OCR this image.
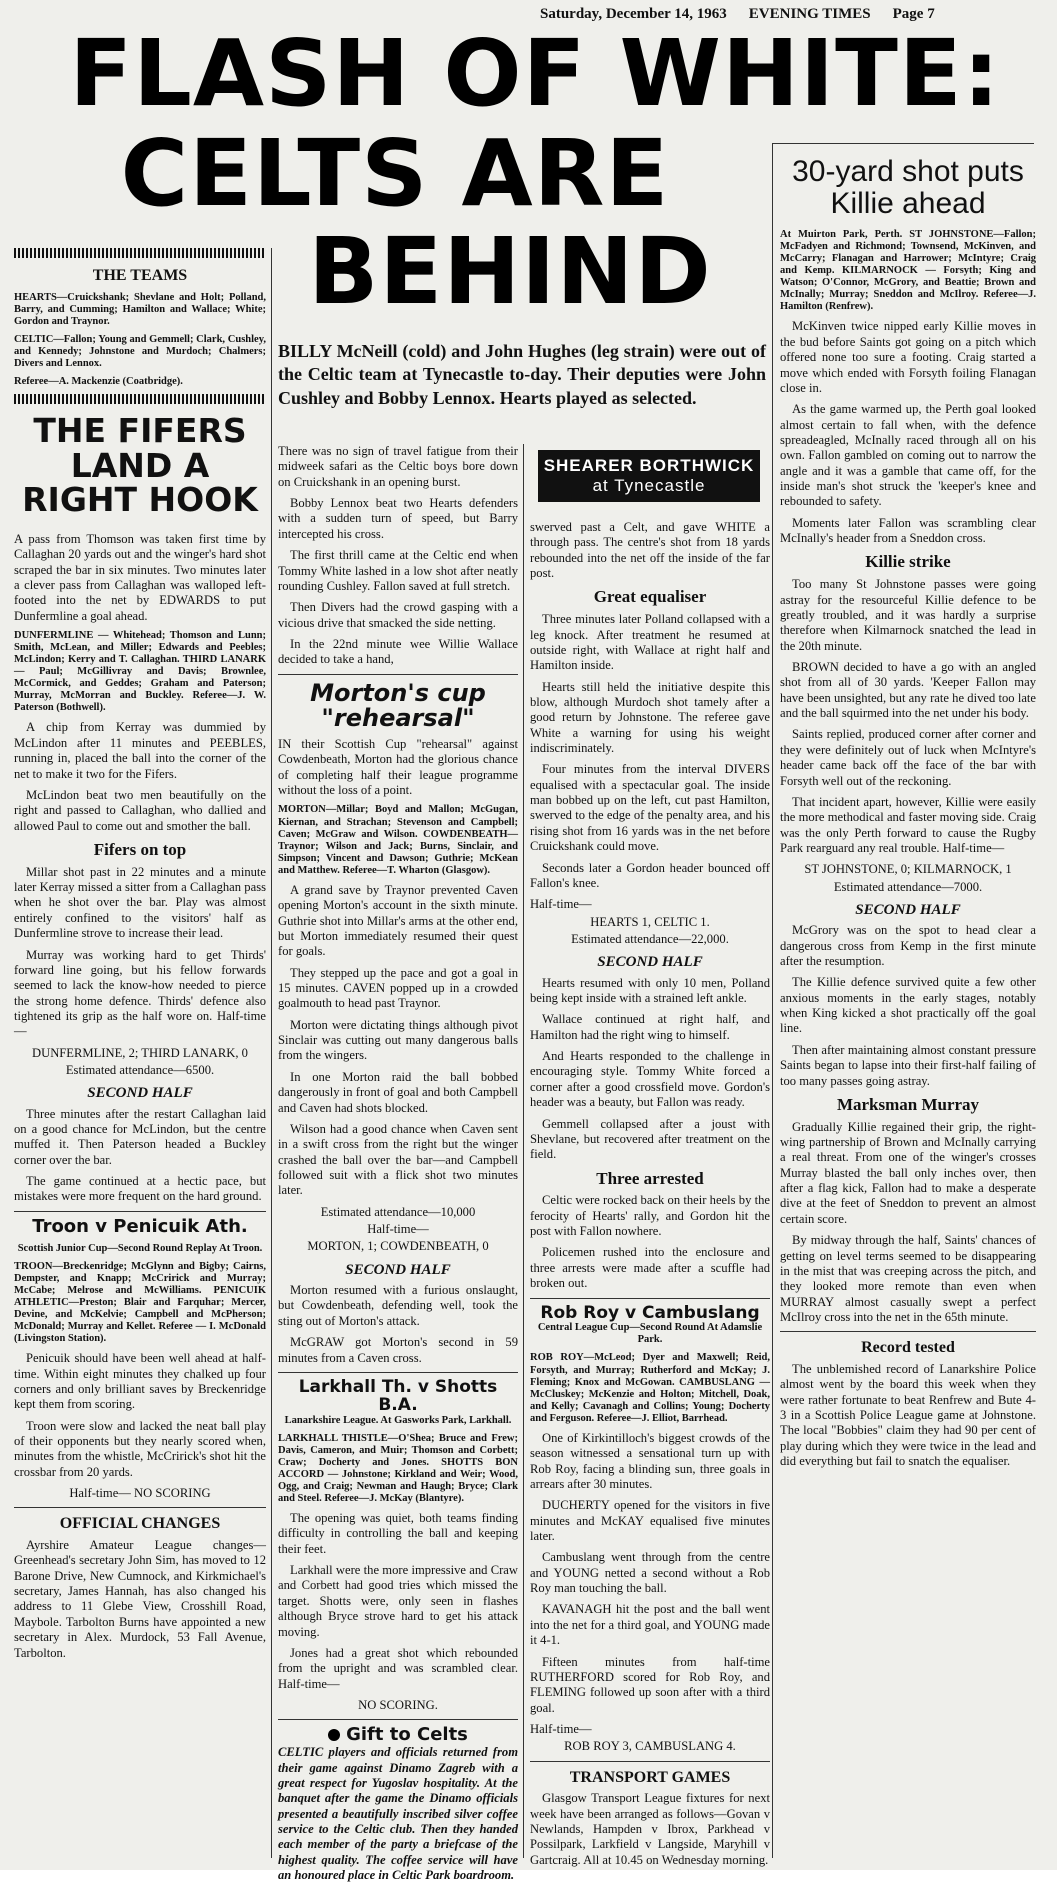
Saturday, December 14, 1963 EVENING TIMES Page 7
FLASH OF WHITE:
CELTS ARE
BEHIND
THE TEAMS
HEARTS—Cruickshank; Shevlane and Holt; Polland, Barry, and Cumming; Hamilton and Wallace; White; Gordon and Traynor.
CELTIC—Fallon; Young and Gemmell; Clark, Cushley, and Kennedy; Johnstone and Murdoch; Chalmers; Divers and Lennox.
Referee—A. Mackenzie (Coatbridge).
THE FIFERS LAND A RIGHT HOOK

A pass from Thomson was taken first time by Callaghan 20 yards out and the winger's hard shot scraped the bar in six minutes. Two minutes later a clever pass from Callaghan was walloped left-footed into the net by EDWARDS to put Dunfermline a goal ahead.

DUNFERMLINE — Whitehead; Thomson and Lunn; Smith, McLean, and Miller; Edwards and Peebles; McLindon; Kerry and T. Callaghan. THIRD LANARK — Paul; McGillivray and Davis; Brownlee, McCormick, and Geddes; Graham and Paterson; Murray, McMorran and Buckley. Referee—J. W. Paterson (Bothwell).

A chip from Kerray was dummied by McLindon after 11 minutes and PEEBLES, running in, placed the ball into the corner of the net to make it two for the Fifers.

McLindon beat two men beautifully on the right and passed to Callaghan, who dallied and allowed Paul to come out and smother the ball.

Fifers on top

Millar shot past in 22 minutes and a minute later Kerray missed a sitter from a Callaghan pass when he shot over the bar. Play was almost entirely confined to the visitors' half as Dunfermline strove to increase their lead.

Murray was working hard to get Thirds' forward line going, but his fellow forwards seemed to lack the know-how needed to pierce the strong home defence. Thirds' defence also tightened its grip as the half wore on. Half-time—

DUNFERMLINE, 2; THIRD LANARK, 0
Estimated attendance—6500.
SECOND HALF

Three minutes after the restart Callaghan laid on a good chance for McLindon, but the centre muffed it. Then Paterson headed a Buckley corner over the bar.

The game continued at a hectic pace, but mistakes were more frequent on the hard ground.

Troon v Penicuik Ath.
Scottish Junior Cup—Second Round Replay At Troon.
TROON—Breckenridge; McGlynn and Bigby; Cairns, Dempster, and Knapp; McCririck and Murray; McCabe; Melrose and McWilliams. PENICUIK ATHLETIC—Preston; Blair and Farquhar; Mercer, Devine, and McKelvie; Campbell and McPherson; McDonald; Murray and Kellet. Referee — I. McDonald (Livingston Station).

Penicuik should have been well ahead at half-time. Within eight minutes they chalked up four corners and only brilliant saves by Breckenridge kept them from scoring.

Troon were slow and lacked the neat ball play of their opponents but they nearly scored when, minutes from the whistle, McCririck's shot hit the crossbar from 20 yards.

Half-time— NO SCORING
OFFICIAL CHANGES

Ayrshire Amateur League changes—Greenhead's secretary John Sim, has moved to 12 Barone Drive, New Cumnock, and Kirkmichael's secretary, James Hannah, has also changed his address to 11 Glebe View, Crosshill Road, Maybole. Tarbolton Burns have appointed a new secretary in Alex. Murdock, 53 Fall Avenue, Tarbolton.

BILLY McNeill (cold) and John Hughes (leg strain) were out of the Celtic team at Tynecastle to-day. Their deputies were John Cushley and Bobby Lennox. Hearts played as selected.

There was no sign of travel fatigue from their midweek safari as the Celtic boys bore down on Cruickshank in an opening burst.

Bobby Lennox beat two Hearts defenders with a sudden turn of speed, but Barry intercepted his cross.

The first thrill came at the Celtic end when Tommy White lashed in a low shot after neatly rounding Cushley. Fallon saved at full stretch.

Then Divers had the crowd gasping with a vicious drive that smacked the side netting.

In the 22nd minute wee Willie Wallace decided to take a hand,

Morton's cup
"rehearsal"

IN their Scottish Cup "rehearsal" against Cowdenbeath, Morton had the glorious chance of completing half their league programme without the loss of a point.

MORTON—Millar; Boyd and Mallon; McGugan, Kiernan, and Strachan; Stevenson and Campbell; Caven; McGraw and Wilson. COWDENBEATH—Traynor; Wilson and Jack; Burns, Sinclair, and Simpson; Vincent and Dawson; Guthrie; McKean and Matthew. Referee—T. Wharton (Glasgow).

A grand save by Traynor prevented Caven opening Morton's account in the sixth minute. Guthrie shot into Millar's arms at the other end, but Morton immediately resumed their quest for goals.

They stepped up the pace and got a goal in 15 minutes. CAVEN popped up in a crowded goalmouth to head past Traynor.

Morton were dictating things although pivot Sinclair was cutting out many dangerous balls from the wingers.

In one Morton raid the ball bobbed dangerously in front of goal and both Campbell and Caven had shots blocked.

Wilson had a good chance when Caven sent in a swift cross from the right but the winger crashed the ball over the bar—and Campbell followed suit with a flick shot two minutes later.

Estimated attendance—10,000
Half-time—
MORTON, 1; COWDENBEATH, 0
SECOND HALF

Morton resumed with a furious onslaught, but Cowdenbeath, defending well, took the sting out of Morton's attack.

McGRAW got Morton's second in 59 minutes from a Caven cross.

Larkhall Th. v Shotts B.A.
Lanarkshire League. At Gasworks Park, Larkhall.
LARKHALL THISTLE—O'Shea; Bruce and Frew; Davis, Cameron, and Muir; Thomson and Corbett; Craw; Docherty and Jones. SHOTTS BON ACCORD — Johnstone; Kirkland and Weir; Wood, Ogg, and Craig; Newman and Haugh; Bryce; Clark and Steel. Referee—J. McKay (Blantyre).

The opening was quiet, both teams finding difficulty in controlling the ball and keeping their feet.

Larkhall were the more impressive and Craw and Corbett had good tries which missed the target. Shotts were, only seen in flashes although Bryce strove hard to get his attack moving.

Jones had a great shot which rebounded from the upright and was scrambled clear. Half-time—

NO SCORING.
Gift to Celts

CELTIC players and officials returned from their game against Dinamo Zagreb with a great respect for Yugoslav hospitality. At the banquet after the game the Dinamo officials presented a beautifully inscribed silver coffee service to the Celtic club. Then they handed each member of the party a briefcase of the highest quality. The coffee service will have an honoured place in Celtic Park boardroom.

SHEARER BORTHWICK
at Tynecastle

swerved past a Celt, and gave WHITE a through pass. The centre's shot from 18 yards rebounded into the net off the inside of the far post.

Great equaliser

Three minutes later Polland collapsed with a leg knock. After treatment he resumed at outside right, with Wallace at right half and Hamilton inside.

Hearts still held the initiative despite this blow, although Murdoch shot tamely after a good return by Johnstone. The referee gave White a warning for using his weight indiscriminately.

Four minutes from the interval DIVERS equalised with a spectacular goal. The inside man bobbed up on the left, cut past Hamilton, swerved to the edge of the penalty area, and his rising shot from 16 yards was in the net before Cruickshank could move.

Seconds later a Gordon header bounced off Fallon's knee.

Half-time—
HEARTS 1, CELTIC 1.
Estimated attendance—22,000.
SECOND HALF

Hearts resumed with only 10 men, Polland being kept inside with a strained left ankle.

Wallace continued at right half, and Hamilton had the right wing to himself.

And Hearts responded to the challenge in encouraging style. Tommy White forced a corner after a good crossfield move. Gordon's header was a beauty, but Fallon was ready.

Gemmell collapsed after a joust with Shevlane, but recovered after treatment on the field.

Three arrested

Celtic were rocked back on their heels by the ferocity of Hearts' rally, and Gordon hit the post with Fallon nowhere.

Policemen rushed into the enclosure and three arrests were made after a scuffle had broken out.

Rob Roy v Cambuslang
Central League Cup—Second Round At Adamslie Park.
ROB ROY—McLeod; Dyer and Maxwell; Reid, Forsyth, and Murray; Rutherford and McKay; J. Fleming; Knox and McGowan. CAMBUSLANG — McCluskey; McKenzie and Holton; Mitchell, Doak, and Kelly; Cavanagh and Collins; Young; Docherty and Ferguson. Referee—J. Elliot, Barrhead.

One of Kirkintilloch's biggest crowds of the season witnessed a sensational turn up with Rob Roy, facing a blinding sun, three goals in arrears after 30 minutes.

DUCHERTY opened for the visitors in five minutes and McKAY equalised five minutes later.

Cambuslang went through from the centre and YOUNG netted a second without a Rob Roy man touching the ball.

KAVANAGH hit the post and the ball went into the net for a third goal, and YOUNG made it 4-1.

Fifteen minutes from half-time RUTHERFORD scored for Rob Roy, and FLEMING followed up soon after with a third goal.

Half-time—
ROB ROY 3, CAMBUSLANG 4.
TRANSPORT GAMES

Glasgow Transport League fixtures for next week have been arranged as follows—Govan v Newlands, Hampden v Ibrox, Parkhead v Possilpark, Larkfield v Langside, Maryhill v Gartcraig. All at 10.45 on Wednesday morning.

30-yard shot puts Killie ahead
At Muirton Park, Perth. ST JOHNSTONE—Fallon; McFadyen and Richmond; Townsend, McKinven, and McCarry; Flanagan and Harrower; McIntyre; Craig and Kemp. KILMARNOCK — Forsyth; King and Watson; O'Connor, McGrory, and Beattie; Brown and McInally; Murray; Sneddon and McIlroy. Referee—J. Hamilton (Renfrew).

McKinven twice nipped early Killie moves in the bud before Saints got going on a pitch which offered none too sure a footing. Craig started a move which ended with Forsyth foiling Flanagan close in.

As the game warmed up, the Perth goal looked almost certain to fall when, with the defence spreadeagled, McInally raced through all on his own. Fallon gambled on coming out to narrow the angle and it was a gamble that came off, for the inside man's shot struck the 'keeper's knee and rebounded to safety.

Moments later Fallon was scrambling clear McInally's header from a Sneddon cross.

Killie strike

Too many St Johnstone passes were going astray for the resourceful Killie defence to be greatly troubled, and it was hardly a surprise therefore when Kilmarnock snatched the lead in the 20th minute.

BROWN decided to have a go with an angled shot from all of 30 yards. 'Keeper Fallon may have been unsighted, but any rate he dived too late and the ball squirmed into the net under his body.

Saints replied, produced corner after corner and they were definitely out of luck when McIntyre's header came back off the face of the bar with Forsyth well out of the reckoning.

That incident apart, however, Killie were easily the more methodical and faster moving side. Craig was the only Perth forward to cause the Rugby Park rearguard any real trouble. Half-time—

ST JOHNSTONE, 0; KILMARNOCK, 1
Estimated attendance—7000.
SECOND HALF

McGrory was on the spot to head clear a dangerous cross from Kemp in the first minute after the resumption.

The Killie defence survived quite a few other anxious moments in the early stages, notably when King kicked a shot practically off the goal line.

Then after maintaining almost constant pressure Saints began to lapse into their first-half failing of too many passes going astray.

Marksman Murray

Gradually Killie regained their grip, the right-wing partnership of Brown and McInally carrying a real threat. From one of the winger's crosses Murray blasted the ball only inches over, then after a flag kick, Fallon had to make a desperate dive at the feet of Sneddon to prevent an almost certain score.

By midway through the half, Saints' chances of getting on level terms seemed to be disappearing in the mist that was creeping across the pitch, and they looked more remote than even when MURRAY almost casually swept a perfect McIlroy cross into the net in the 65th minute.

Record tested

The unblemished record of Lanarkshire Police almost went by the board this week when they were rather fortunate to beat Renfrew and Bute 4-3 in a Scottish Police League game at Johnstone. The local "Bobbies" claim they had 90 per cent of play during which they were twice in the lead and did everything but fail to snatch the equaliser.
